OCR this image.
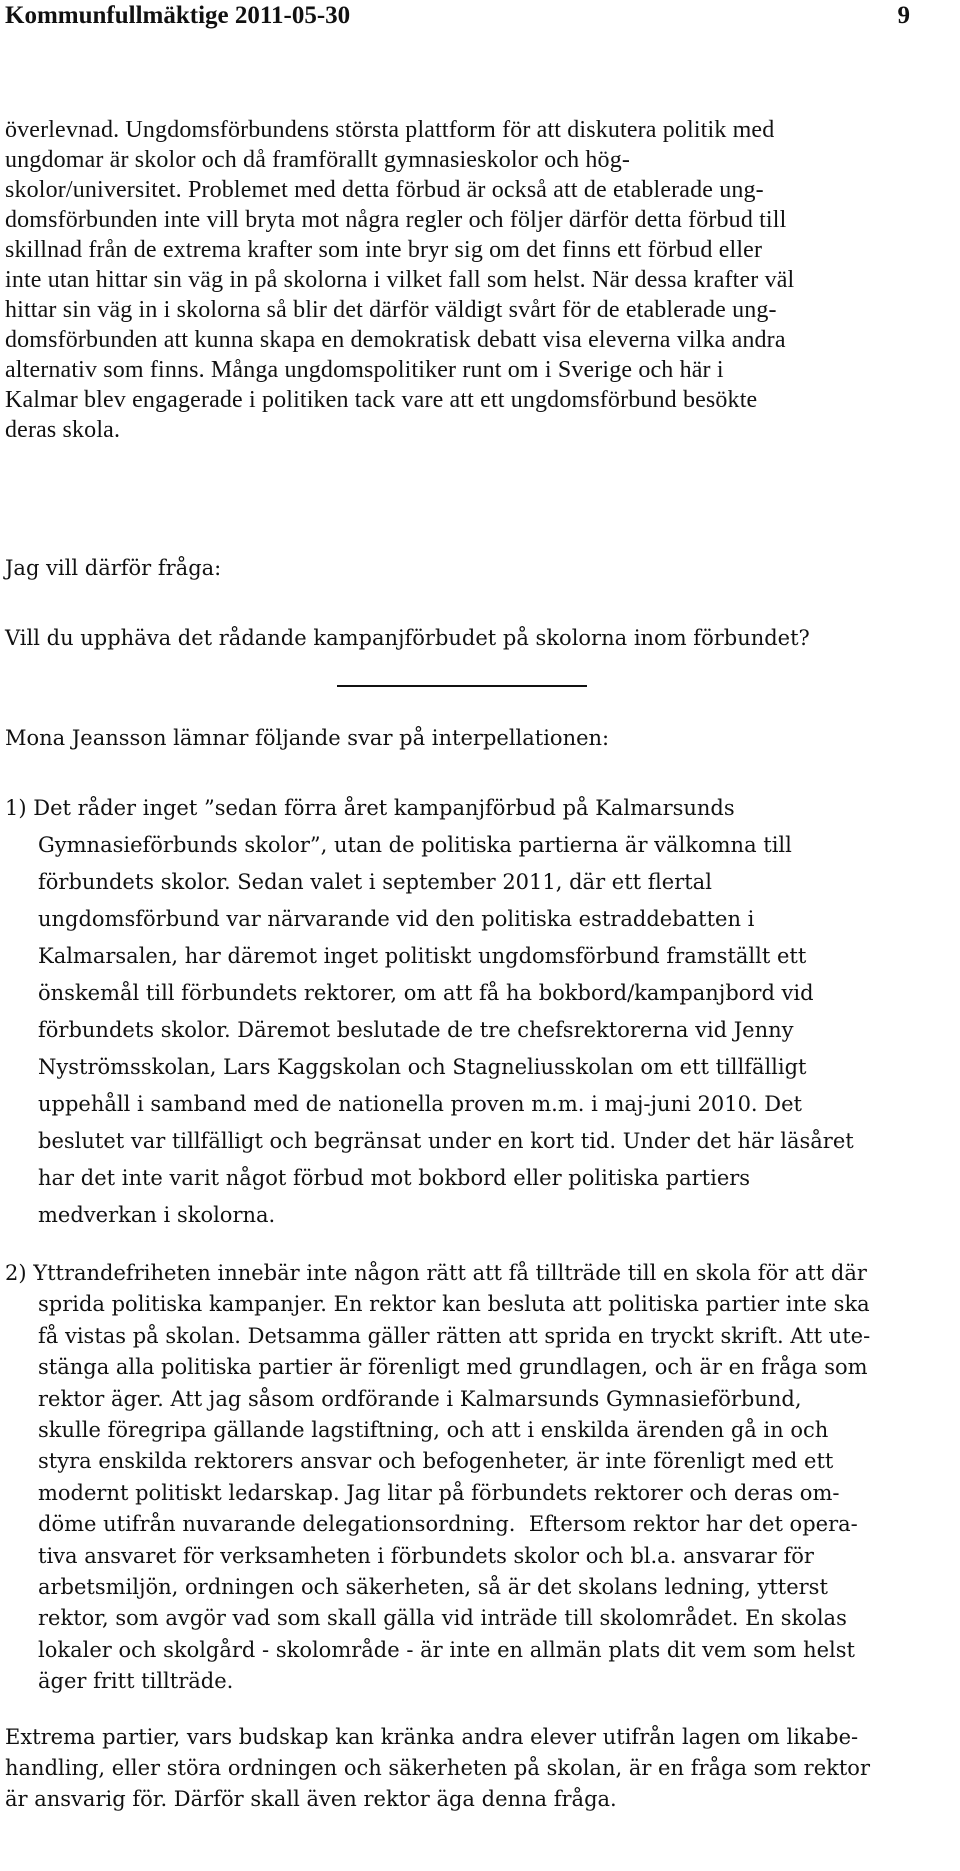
Kommunfullmäktige 2011-05-30	9
överlevnad. Ungdomsförbundens största plattform för att diskutera politik med
ungdomar är skolor och då framförallt gymnasieskolor och hög-
skolor/universitet. Problemet med detta förbud är också att de etablerade ung-
domsförbunden inte vill bryta mot några regler och följer därför detta förbud till
skillnad från de extrema krafter som inte bryr sig om det finns ett förbud eller
inte utan hittar sin väg in på skolorna i vilket fall som helst. När dessa krafter väl
hittar sin väg in i skolorna så blir det därför väldigt svårt för de etablerade ung-
domsförbunden att kunna skapa en demokratisk debatt visa eleverna vilka andra
alternativ som finns. Många ungdomspolitiker runt om i Sverige och här i
Kalmar blev engagerade i politiken tack vare att ett ungdomsförbund besökte
deras skola.
Jag vill därför fråga:
Vill du upphäva det rådande kampanjförbudet på skolorna inom förbundet?
Mona Jeansson lämnar följande svar på interpellationen:
1) Det råder inget ”sedan förra året kampanjförbud på Kalmarsunds
Gymnasieförbunds skolor”, utan de politiska partierna är välkomna till
förbundets skolor. Sedan valet i september 2011, där ett flertal
ungdomsförbund var närvarande vid den politiska estraddebatten i
Kalmarsalen, har däremot inget politiskt ungdomsförbund framställt ett
önskemål till förbundets rektorer, om att få ha bokbord/kampanjbord vid
förbundets skolor. Däremot beslutade de tre chefsrektorerna vid Jenny
Nyströmsskolan, Lars Kaggskolan och Stagneliusskolan om ett tillfälligt
uppehåll i samband med de nationella proven m.m. i maj-juni 2010. Det
beslutet var tillfälligt och begränsat under en kort tid. Under det här läsåret
har det inte varit något förbud mot bokbord eller politiska partiers
medverkan i skolorna.
2) Yttrandefriheten innebär inte någon rätt att få tillträde till en skola för att där
sprida politiska kampanjer. En rektor kan besluta att politiska partier inte ska
få vistas på skolan. Detsamma gäller rätten att sprida en tryckt skrift. Att ute-
stänga alla politiska partier är förenligt med grundlagen, och är en fråga som
rektor äger. Att jag såsom ordförande i Kalmarsunds Gymnasieförbund,
skulle föregripa gällande lagstiftning, och att i enskilda ärenden gå in och
styra enskilda rektorers ansvar och befogenheter, är inte förenligt med ett
modernt politiskt ledarskap. Jag litar på förbundets rektorer och deras om-
döme utifrån nuvarande delegationsordning.  Eftersom rektor har det opera-
tiva ansvaret för verksamheten i förbundets skolor och bl.a. ansvarar för
arbetsmiljön, ordningen och säkerheten, så är det skolans ledning, ytterst
rektor, som avgör vad som skall gälla vid inträde till skolområdet. En skolas
lokaler och skolgård - skolområde - är inte en allmän plats dit vem som helst
äger fritt tillträde.
Extrema partier, vars budskap kan kränka andra elever utifrån lagen om likabe-
handling, eller störa ordningen och säkerheten på skolan, är en fråga som rektor
är ansvarig för. Därför skall även rektor äga denna fråga.
